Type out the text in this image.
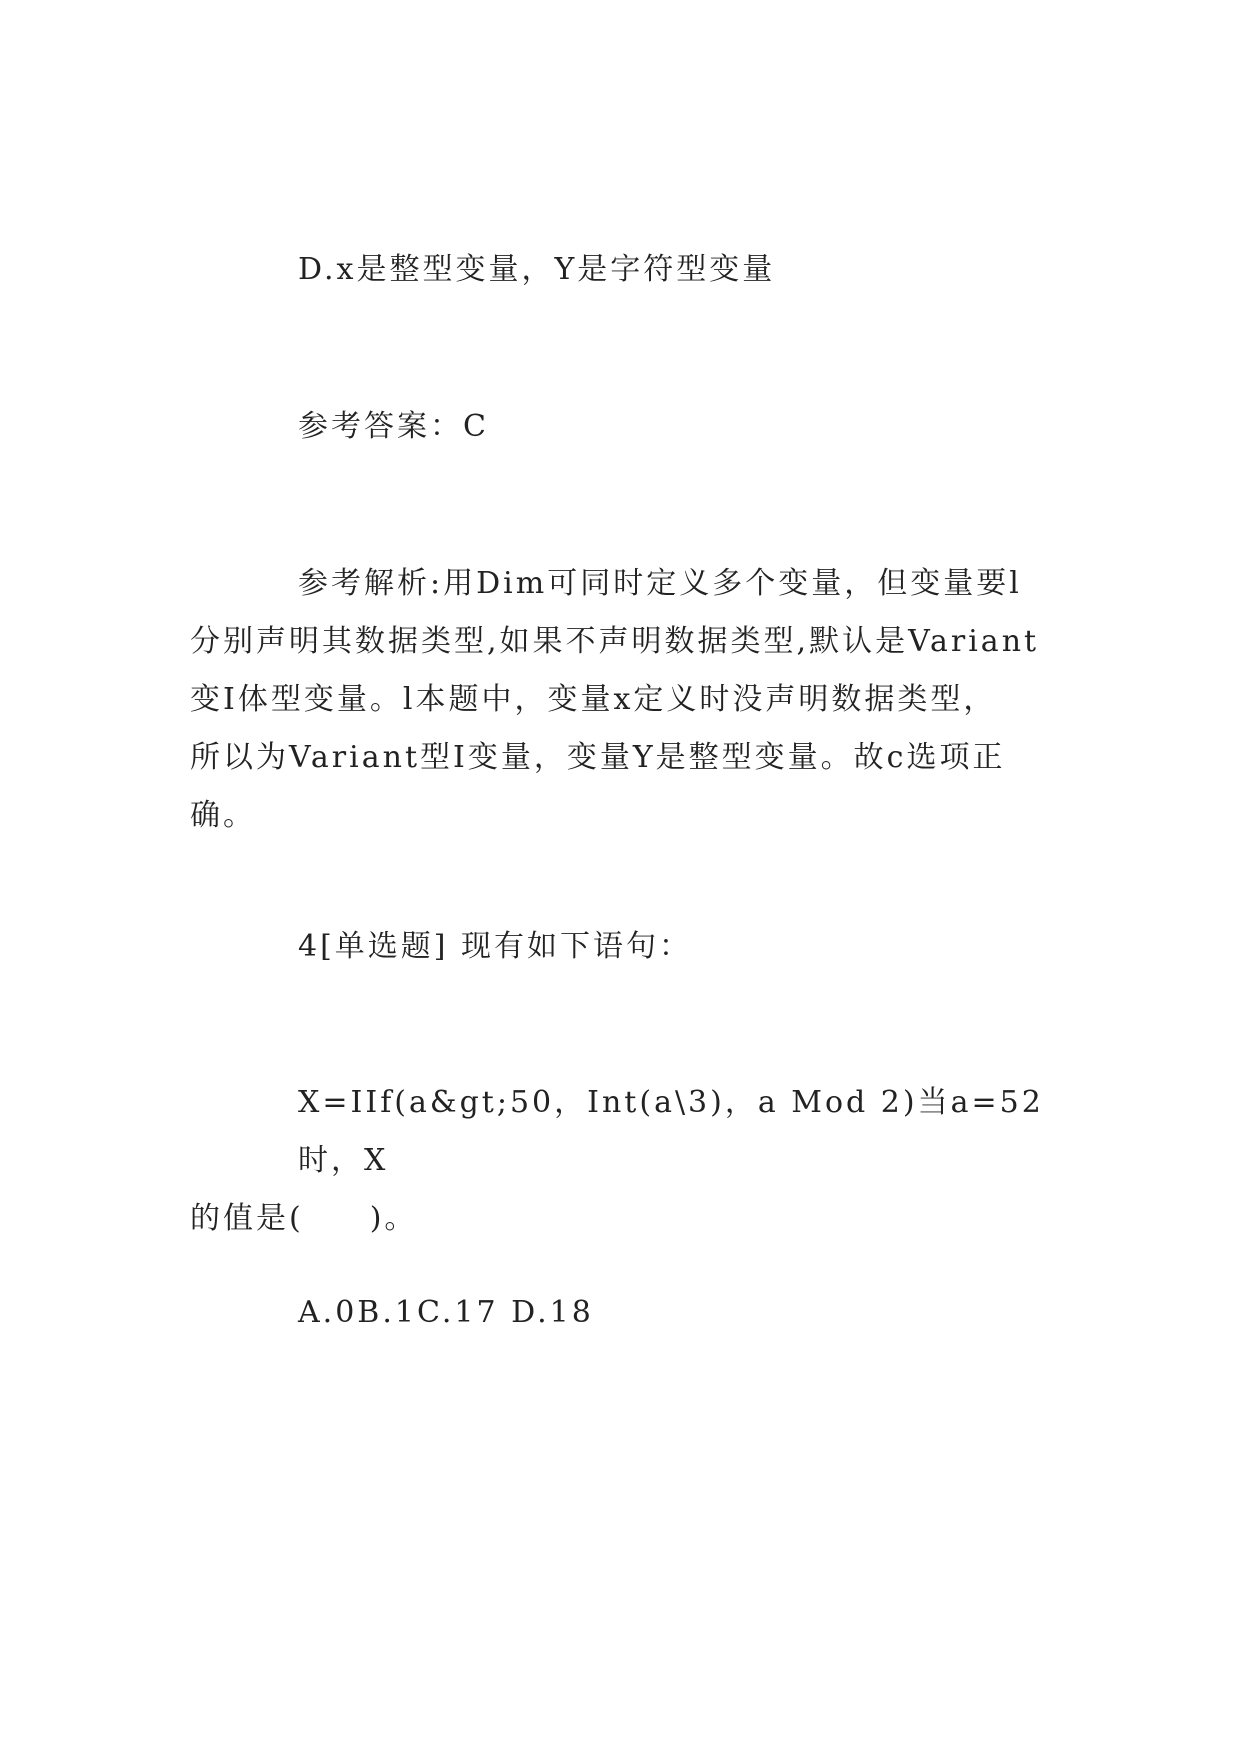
D.x是整型变量，Y是字符型变量
参考答案：C
参考解析:用Dim可同时定义多个变量，但变量要l
分别声明其数据类型,如果不声明数据类型,默认是Variant
变I体型变量。l本题中，变量x定义时没声明数据类型，
所以为Variant型I变量，变量Y是整型变量。故c选项正
确。
4[单选题] 现有如下语句：
X=IIf(a&gt;50，Int(a\3)，a Mod 2)当a=52时，X
的值是(　　)。
A.0B.1C.17 D.18
